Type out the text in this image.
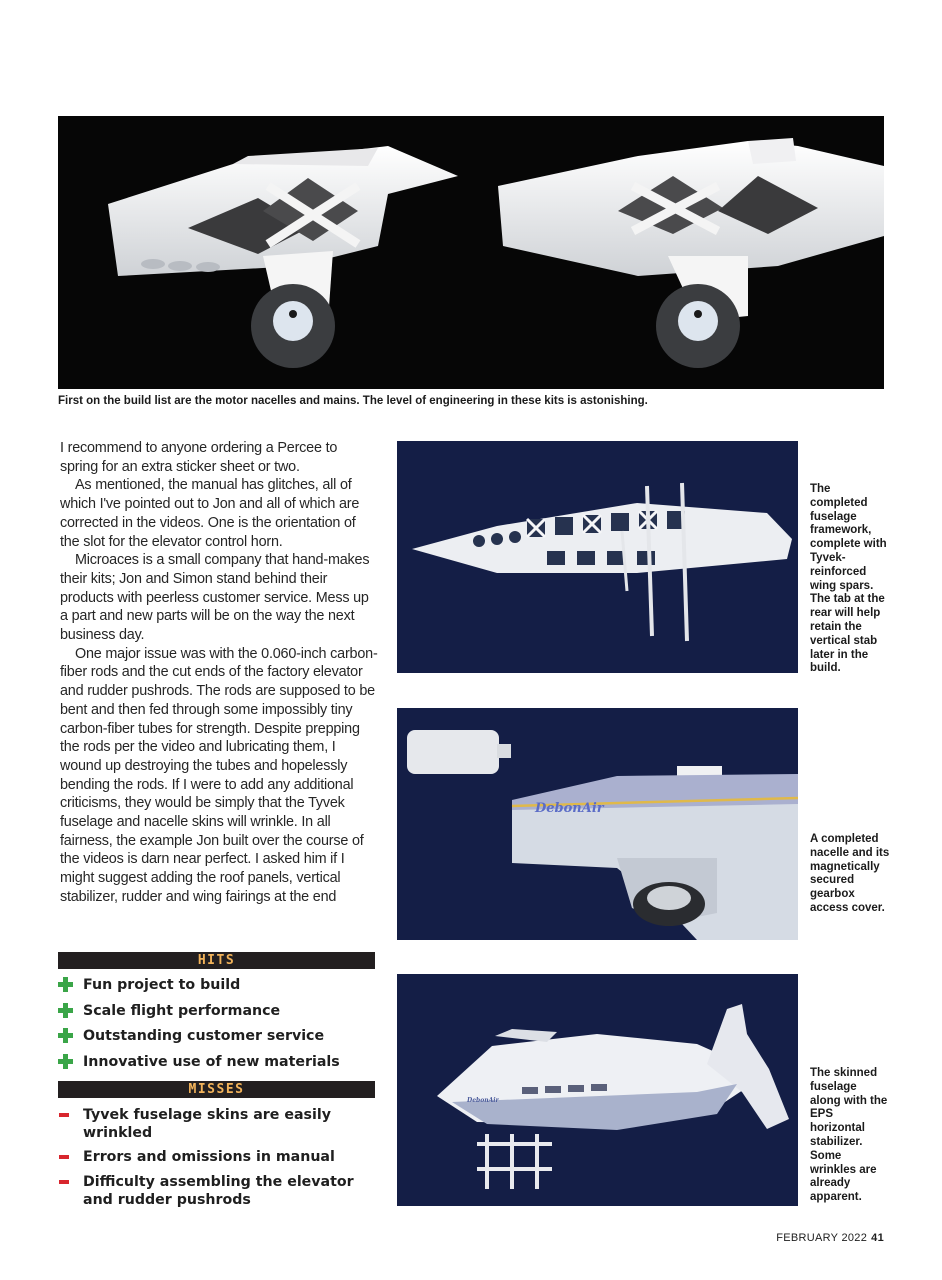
First on the build list are the motor nacelles and mains. The level of engineering in these kits is astonishing.

I recommend to anyone ordering a Percee to spring for an extra sticker sheet or two.

As mentioned, the manual has glitches, all of which I've pointed out to Jon and all of which are corrected in the videos. One is the orientation of the slot for the elevator control horn.

Microaces is a small company that hand-makes their kits; Jon and Simon stand behind their products with peerless customer service. Mess up a part and new parts will be on the way the next business day.

One major issue was with the 0.060-inch carbon-fiber rods and the cut ends of the factory elevator and rudder pushrods. The rods are supposed to be bent and then fed through some impossibly tiny carbon-fiber tubes for strength. Despite prepping the rods per the video and lubricating them, I wound up destroying the tubes and hopelessly bending the rods. If I were to add any additional criticisms, they would be simply that the Tyvek fuselage and nacelle skins will wrinkle. In all fairness, the example Jon built over the course of the videos is darn near perfect. I asked him if I might suggest adding the roof panels, vertical stabilizer, rudder and wing fairings at the end

HITS
Fun project to build
Scale flight performance
Outstanding customer service
Innovative use of new materials
MISSES
Tyvek fuselage skins are easily wrinkled
Errors and omissions in manual
Difficulty assembling the elevator and rudder pushrods
The completed fuselage framework, complete with Tyvek-reinforced wing spars. The tab at the rear will help retain the vertical stab later in the build.
DebonAir
A completed nacelle and its magnetically secured gearbox access cover.
DebonAir
The skinned fuselage along with the EPS horizontal stabilizer. Some wrinkles are already apparent.
FEBRUARY 2022 41
